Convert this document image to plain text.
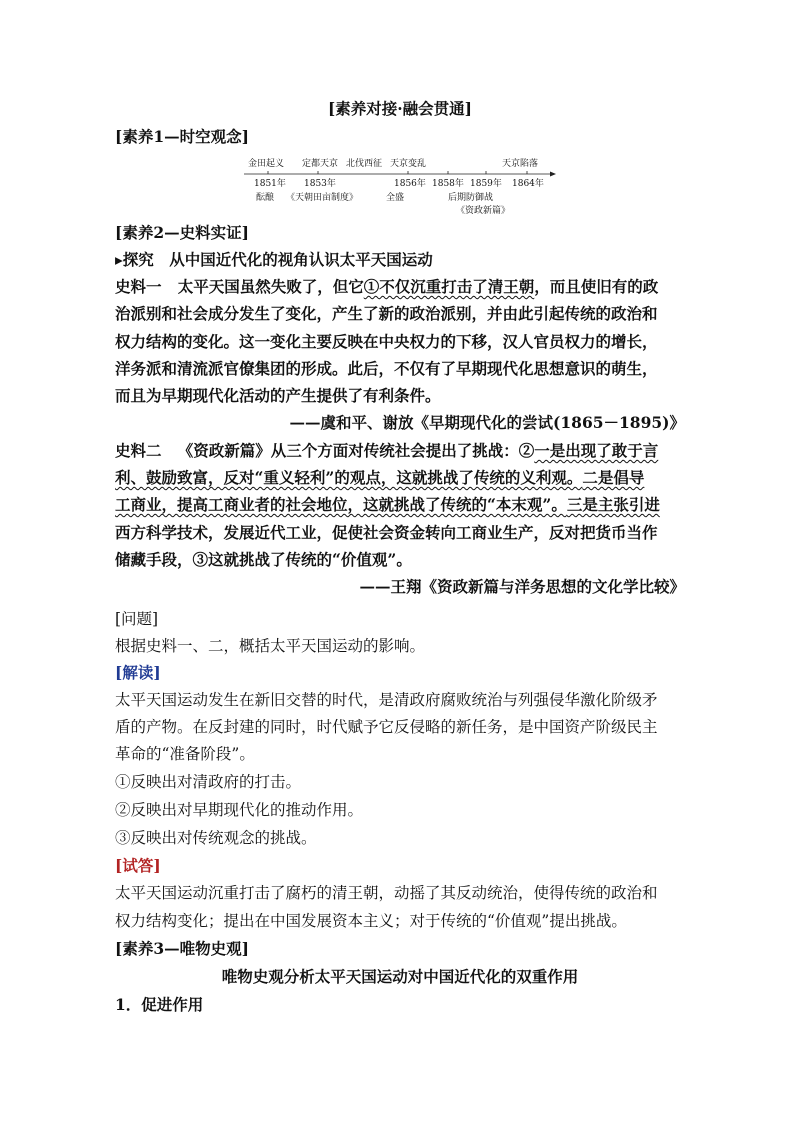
[素养对接·融会贯通]
[素养1—时空观念]
金田起义 定都天京 北伐西征 天京变乱	天京陷落
1851年 1853年	1856年 1858年 1859年 1864年
酝酿 《天朝田亩制度》	全盛	后期防御战
《资政新篇》
[素养2—史料实证]
▸探究　从中国近代化的视角认识太平天国运动
史料一 太平天国虽然失败了，但它①不仅沉重打击了清王朝，而且使旧有的政
治派别和社会成分发生了变化，产生了新的政治派别，并由此引起传统的政治和
权力结构的变化。这一变化主要反映在中央权力的下移，汉人官员权力的增长，
洋务派和清流派官僚集团的形成。此后，不仅有了早期现代化思想意识的萌生，
而且为早期现代化活动的产生提供了有利条件。
——虞和平、谢放《早期现代化的尝试(1865－1895)》
史料二 《资政新篇》从三个方面对传统社会提出了挑战：②一是出现了敢于言
利、鼓励致富，反对“重义轻利”的观点，这就挑战了传统的义利观。二是倡导
工商业，提高工商业者的社会地位，这就挑战了传统的“本末观”。三是主张引进
西方科学技术，发展近代工业，促使社会资金转向工商业生产，反对把货币当作
储藏手段，③这就挑战了传统的“价值观”。
——王翔《资政新篇与洋务思想的文化学比较》
[问题]
根据史料一、二，概括太平天国运动的影响。
[解读]
太平天国运动发生在新旧交替的时代，是清政府腐败统治与列强侵华激化阶级矛
盾的产物。在反封建的同时，时代赋予它反侵略的新任务，是中国资产阶级民主
革命的“准备阶段”。
①反映出对清政府的打击。
②反映出对早期现代化的推动作用。
③反映出对传统观念的挑战。
[试答]
太平天国运动沉重打击了腐朽的清王朝，动摇了其反动统治，使得传统的政治和
权力结构变化；提出在中国发展资本主义；对于传统的“价值观”提出挑战。
[素养3—唯物史观]
唯物史观分析太平天国运动对中国近代化的双重作用
1．促进作用
